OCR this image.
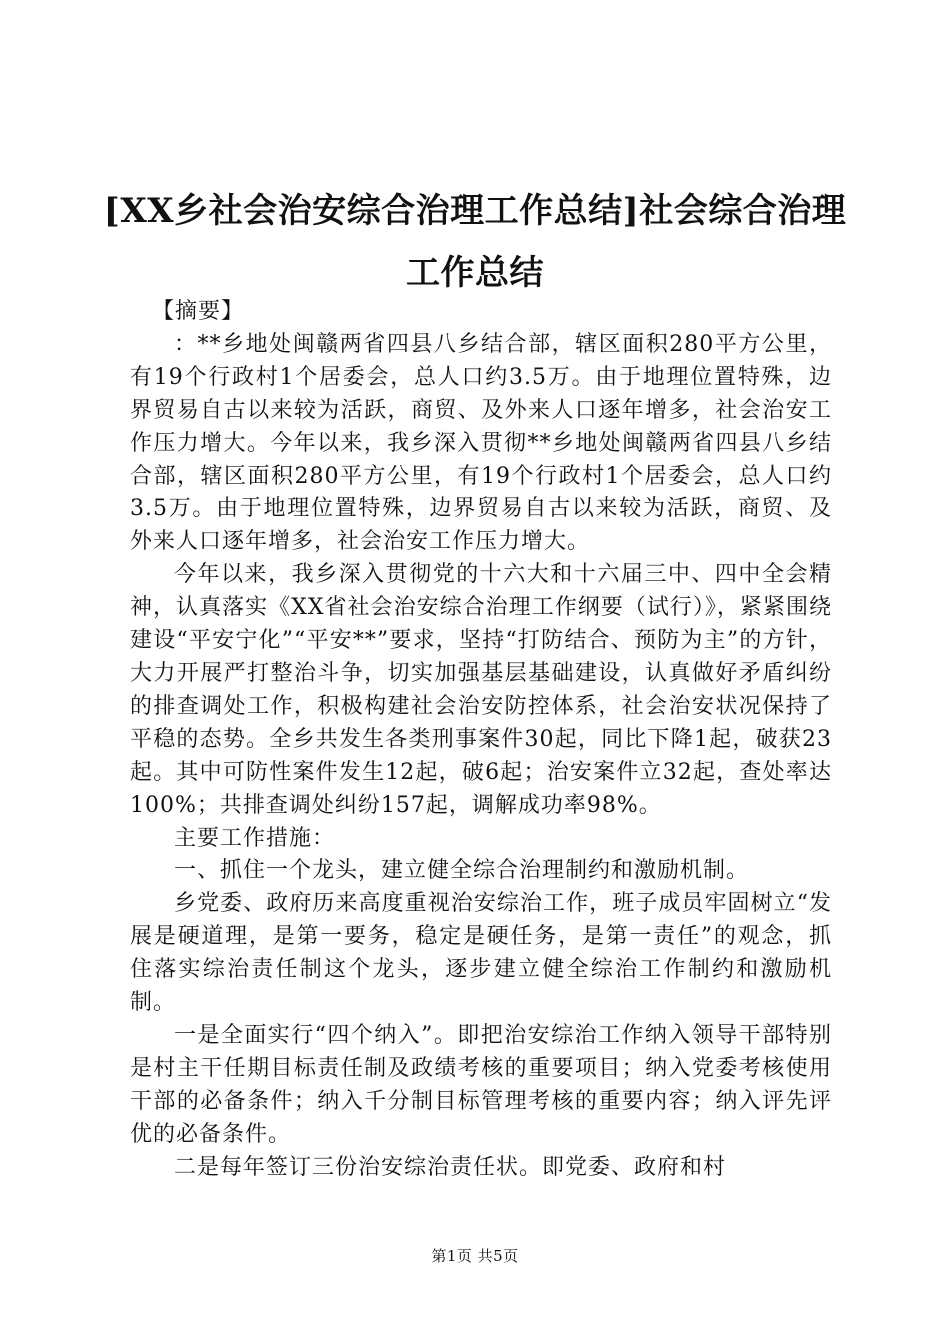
[XX乡社会治安综合治理工作总结]社会综合治理工作总结

【摘要】

：**乡地处闽赣两省四县八乡结合部，辖区面积280平方公里，有19个行政村1个居委会，总人口约3.5万。由于地理位置特殊，边界贸易自古以来较为活跃，商贸、及外来人口逐年增多，社会治安工作压力增大。今年以来，我乡深入贯彻**乡地处闽赣两省四县八乡结合部，辖区面积280平方公里，有19个行政村1个居委会，总人口约3.5万。由于地理位置特殊，边界贸易自古以来较为活跃，商贸、及外来人口逐年增多，社会治安工作压力增大。

今年以来，我乡深入贯彻党的十六大和十六届三中、四中全会精神，认真落实《XX省社会治安综合治理工作纲要（试行）》，紧紧围绕建设“平安宁化”“平安**”要求，坚持“打防结合、预防为主”的方针，大力开展严打整治斗争，切实加强基层基础建设，认真做好矛盾纠纷的排查调处工作，积极构建社会治安防控体系，社会治安状况保持了平稳的态势。全乡共发生各类刑事案件30起，同比下降1起，破获23起。其中可防性案件发生12起，破6起；治安案件立32起，查处率达100%；共排查调处纠纷157起，调解成功率98%。

主要工作措施：

一、抓住一个龙头，建立健全综合治理制约和激励机制。

乡党委、政府历来高度重视治安综治工作，班子成员牢固树立“发展是硬道理，是第一要务，稳定是硬任务，是第一责任”的观念，抓住落实综治责任制这个龙头，逐步建立健全综治工作制约和激励机制。

一是全面实行“四个纳入”。即把治安综治工作纳入领导干部特别是村主干任期目标责任制及政绩考核的重要项目；纳入党委考核使用干部的必备条件；纳入千分制目标管理考核的重要内容；纳入评先评优的必备条件。

二是每年签订三份治安综治责任状。即党委、政府和村

第1页 共5页
